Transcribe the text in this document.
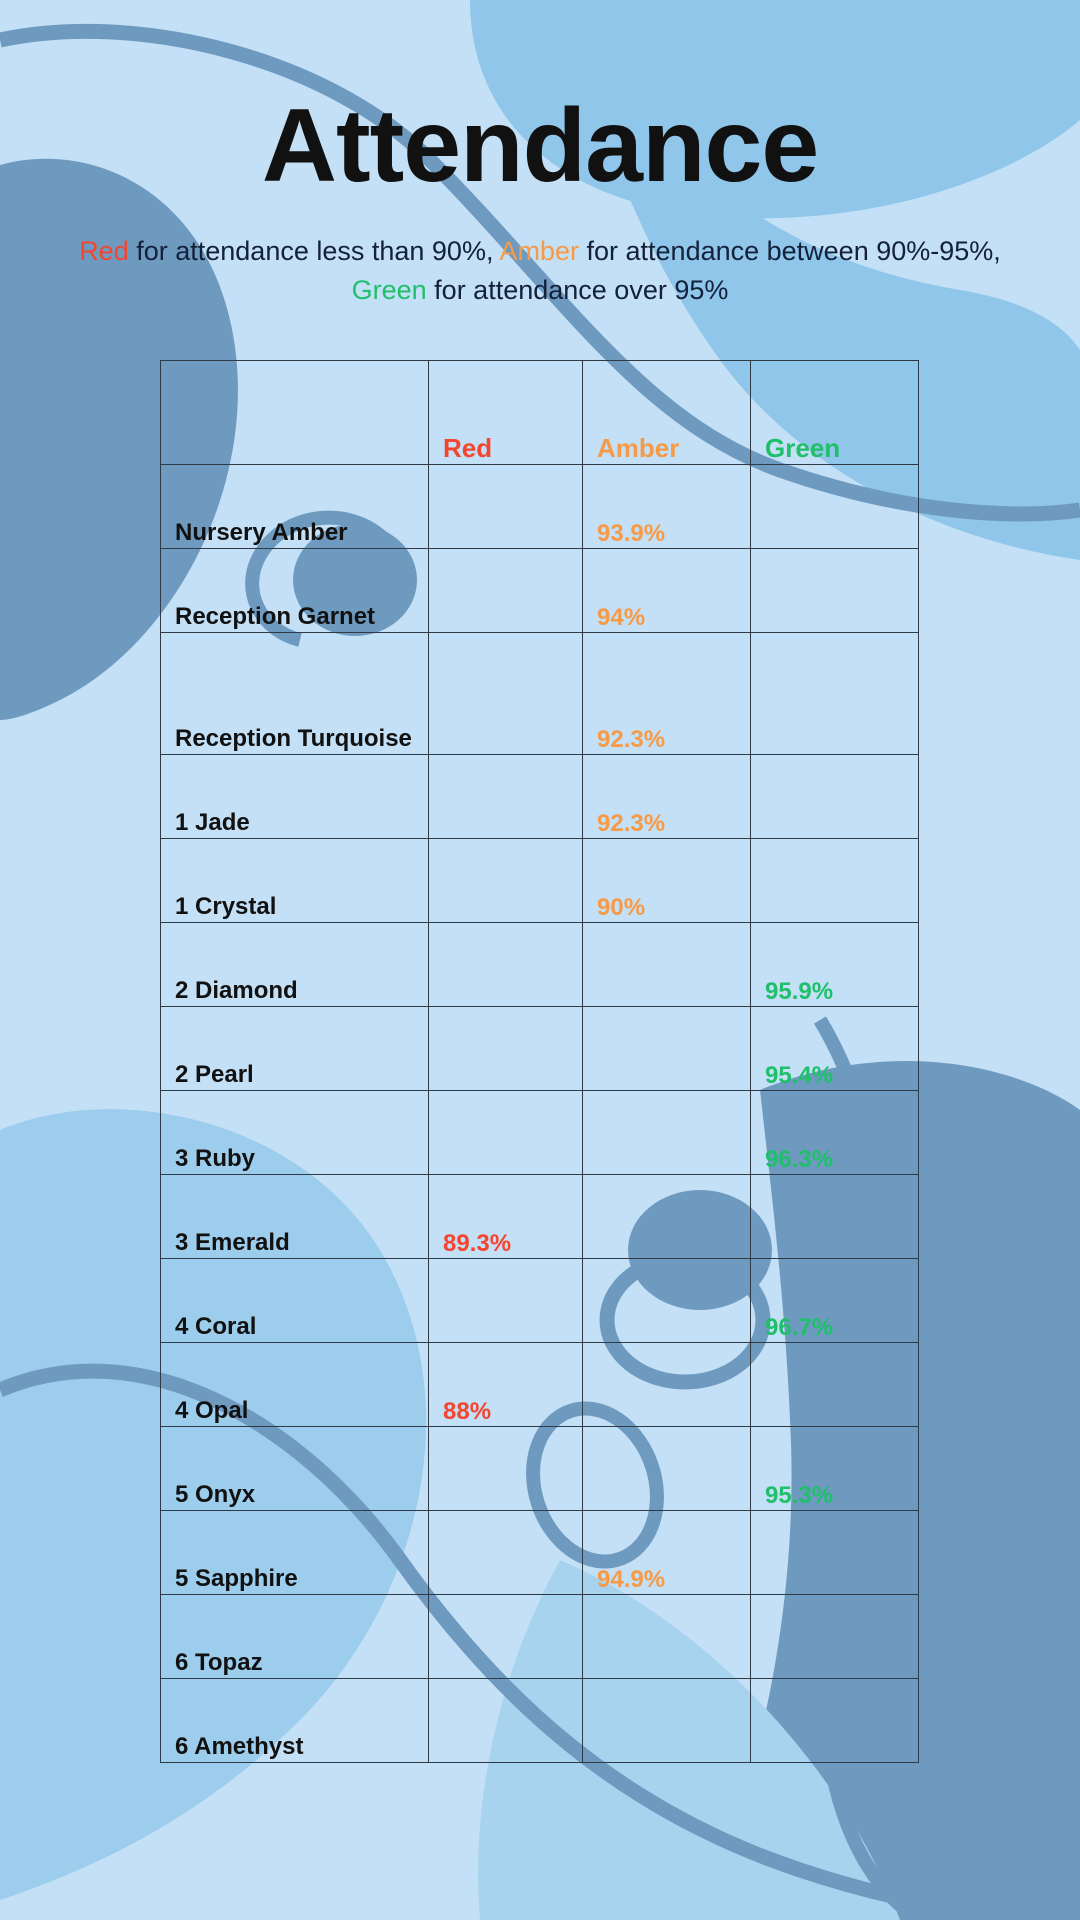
Attendance
Red for attendance less than 90%, Amber for attendance between 90%-95%, Green for attendance over 95%
	Red	Amber	Green
Nursery Amber		93.9%	
Reception Garnet		94%	
Reception Turquoise		92.3%	
1 Jade		92.3%	
1 Crystal		90%	
2 Diamond			95.9%
2 Pearl			95.4%
3 Ruby			96.3%
3 Emerald	89.3%		
4 Coral			96.7%
4 Opal	88%		
5 Onyx			95.3%
5 Sapphire		94.9%	
6 Topaz			
6 Amethyst			
